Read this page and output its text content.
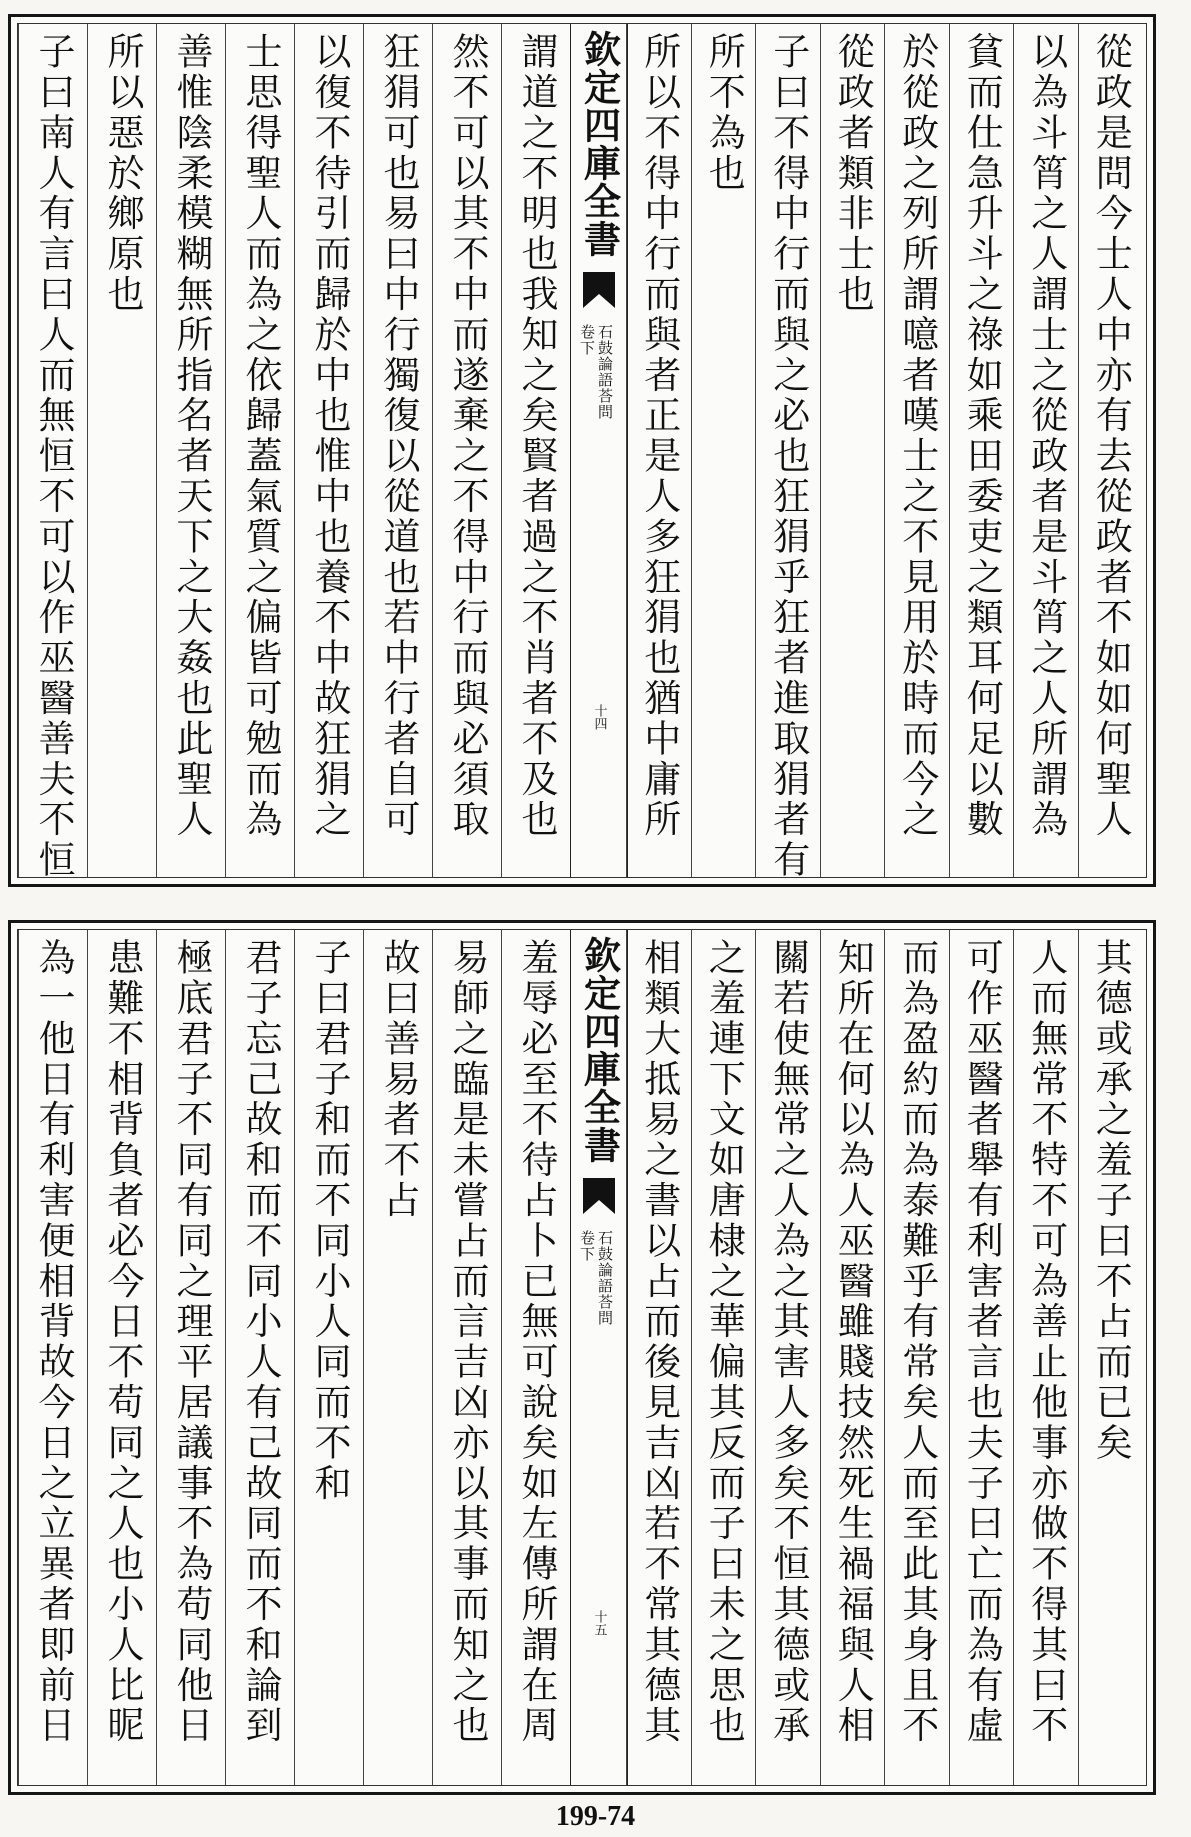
從政是問今士人中亦有去從政者不如如何聖人
以為斗筲之人謂士之從政者是斗筲之人所謂為
貧而仕急升斗之祿如乘田委吏之類耳何足以數
於從政之列所謂噫者嘆士之不見用於時而今之
從政者類非士也
子曰不得中行而與之必也狂狷乎狂者進取狷者有
所不為也
所以不得中行而與者正是人多狂狷也猶中庸所
謂道之不明也我知之矣賢者過之不肖者不及也
然不可以其不中而遂棄之不得中行而與必須取
狂狷可也易曰中行獨復以從道也若中行者自可
以復不待引而歸於中也惟中也養不中故狂狷之
士思得聖人而為之依歸蓋氣質之偏皆可勉而為
善惟陰柔模糊無所指名者天下之大姦也此聖人
所以惡於鄉原也
子曰南人有言曰人而無恒不可以作巫醫善夫不恒	欽定四庫全書
石鼓論語荅問
卷下
十四
其德或承之羞子曰不占而已矣
人而無常不特不可為善止他事亦做不得其曰不
可作巫醫者舉有利害者言也夫子曰亡而為有虛
而為盈約而為泰難乎有常矣人而至此其身且不
知所在何以為人巫醫雖賤技然死生禍福與人相
關若使無常之人為之其害人多矣不恒其德或承
之羞連下文如唐棣之華偏其反而子曰未之思也
相類大抵易之書以占而後見吉凶若不常其德其
羞辱必至不待占卜已無可說矣如左傳所謂在周
易師之臨是未嘗占而言吉凶亦以其事而知之也
故曰善易者不占
子曰君子和而不同小人同而不和
君子忘己故和而不同小人有己故同而不和論到
極底君子不同有同之理平居議事不為苟同他日
患難不相背負者必今日不苟同之人也小人比昵
為一他日有利害便相背故今日之立異者即前日	欽定四庫全書
石鼓論語荅問
卷下
十五
199-74
